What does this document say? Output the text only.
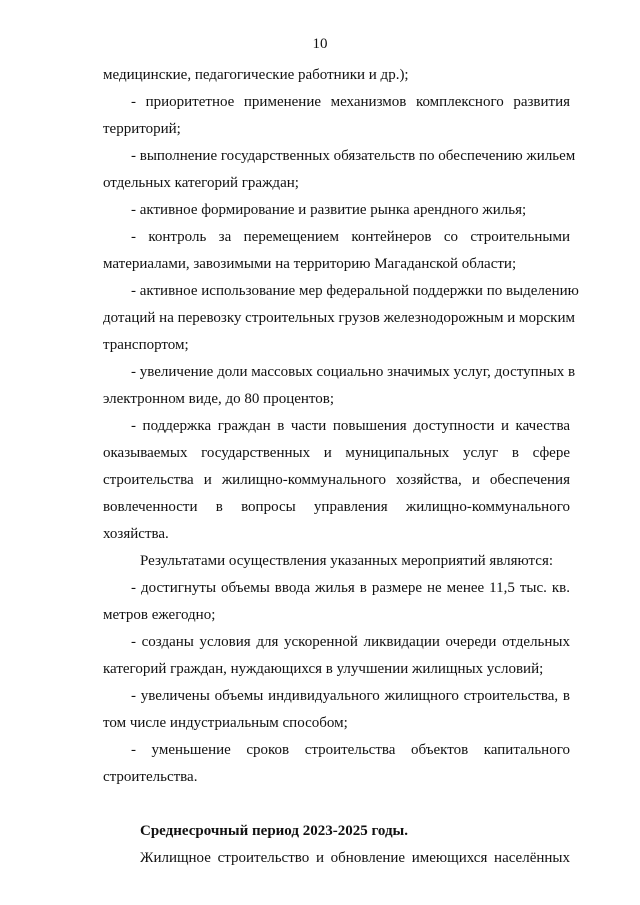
10
медицинские, педагогические работники и др.);
- приоритетное применение механизмов комплексного развития
территорий;
- выполнение государственных обязательств по обеспечению жильем
отдельных категорий граждан;
- активное формирование и развитие рынка арендного жилья;
- контроль за перемещением контейнеров со строительными
материалами, завозимыми на территорию Магаданской области;
- активное использование мер федеральной поддержки по выделению
дотаций на перевозку строительных грузов железнодорожным и морским
транспортом;
- увеличение доли массовых социально значимых услуг, доступных в
электронном виде, до 80 процентов;
- поддержка граждан в части повышения доступности и качества
оказываемых государственных и муниципальных услуг в сфере
строительства и жилищно-коммунального хозяйства, и обеспечения
вовлеченности в вопросы управления жилищно-коммунального
хозяйства.
Результатами осуществления указанных мероприятий являются:
- достигнуты объемы ввода жилья в размере не менее 11,5 тыс. кв.
метров ежегодно;
- созданы условия для ускоренной ликвидации очереди отдельных
категорий граждан, нуждающихся в улучшении жилищных условий;
- увеличены объемы индивидуального жилищного строительства, в
том числе индустриальным способом;
- уменьшение сроков строительства объектов капитального
строительства.
Среднесрочный период 2023-2025 годы.
Жилищное строительство и обновление имеющихся населённых
